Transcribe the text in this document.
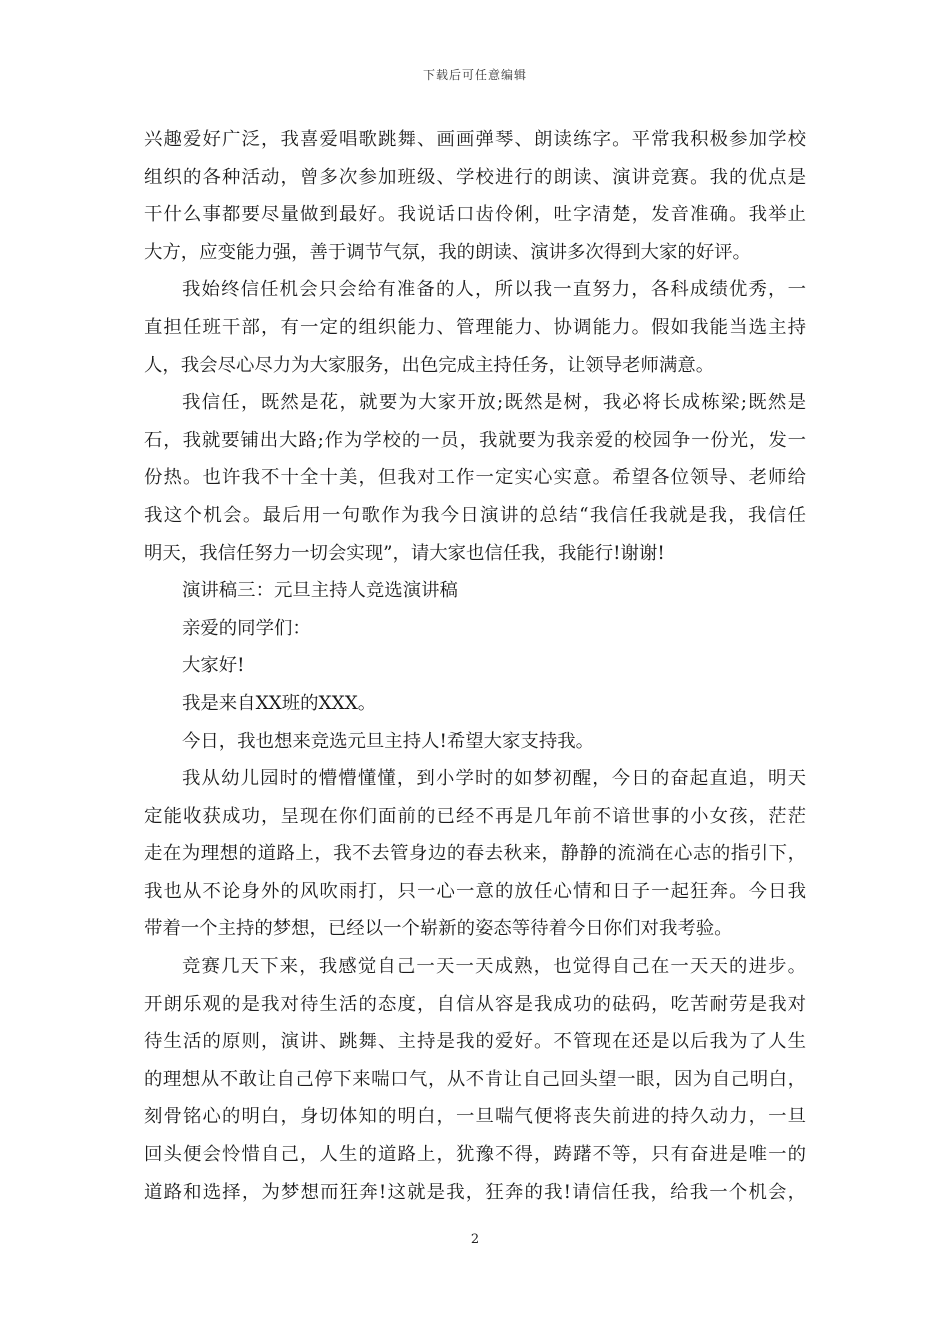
下载后可任意编辑
兴趣爱好广泛，我喜爱唱歌跳舞、画画弹琴、朗读练字。平常我积极参加学校
组织的各种活动，曾多次参加班级、学校进行的朗读、演讲竞赛。我的优点是
干什么事都要尽量做到最好。我说话口齿伶俐，吐字清楚，发音准确。我举止
大方，应变能力强，善于调节气氛，我的朗读、演讲多次得到大家的好评。
我始终信任机会只会给有准备的人，所以我一直努力，各科成绩优秀，一
直担任班干部，有一定的组织能力、管理能力、协调能力。假如我能当选主持
人，我会尽心尽力为大家服务，出色完成主持任务，让领导老师满意。
我信任，既然是花，就要为大家开放;既然是树，我必将长成栋梁;既然是
石，我就要铺出大路;作为学校的一员，我就要为我亲爱的校园争一份光，发一
份热。也许我不十全十美，但我对工作一定实心实意。希望各位领导、老师给
我这个机会。最后用一句歌作为我今日演讲的总结“我信任我就是我，我信任
明天，我信任努力一切会实现”，请大家也信任我，我能行!谢谢!
演讲稿三：元旦主持人竞选演讲稿
亲爱的同学们：
大家好!
我是来自XX班的XXX。
今日，我也想来竞选元旦主持人!希望大家支持我。
我从幼儿园时的懵懵懂懂，到小学时的如梦初醒，今日的奋起直追，明天
定能收获成功，呈现在你们面前的已经不再是几年前不谙世事的小女孩，茫茫
走在为理想的道路上，我不去管身边的春去秋来，静静的流淌在心志的指引下，
我也从不论身外的风吹雨打，只一心一意的放任心情和日子一起狂奔。今日我
带着一个主持的梦想，已经以一个崭新的姿态等待着今日你们对我考验。
竞赛几天下来，我感觉自己一天一天成熟，也觉得自己在一天天的进步。
开朗乐观的是我对待生活的态度，自信从容是我成功的砝码，吃苦耐劳是我对
待生活的原则，演讲、跳舞、主持是我的爱好。不管现在还是以后我为了人生
的理想从不敢让自己停下来喘口气，从不肯让自己回头望一眼，因为自己明白，
刻骨铭心的明白，身切体知的明白，一旦喘气便将丧失前进的持久动力，一旦
回头便会怜惜自己，人生的道路上，犹豫不得，踌躇不等，只有奋进是唯一的
道路和选择，为梦想而狂奔!这就是我，狂奔的我!请信任我，给我一个机会，
2
